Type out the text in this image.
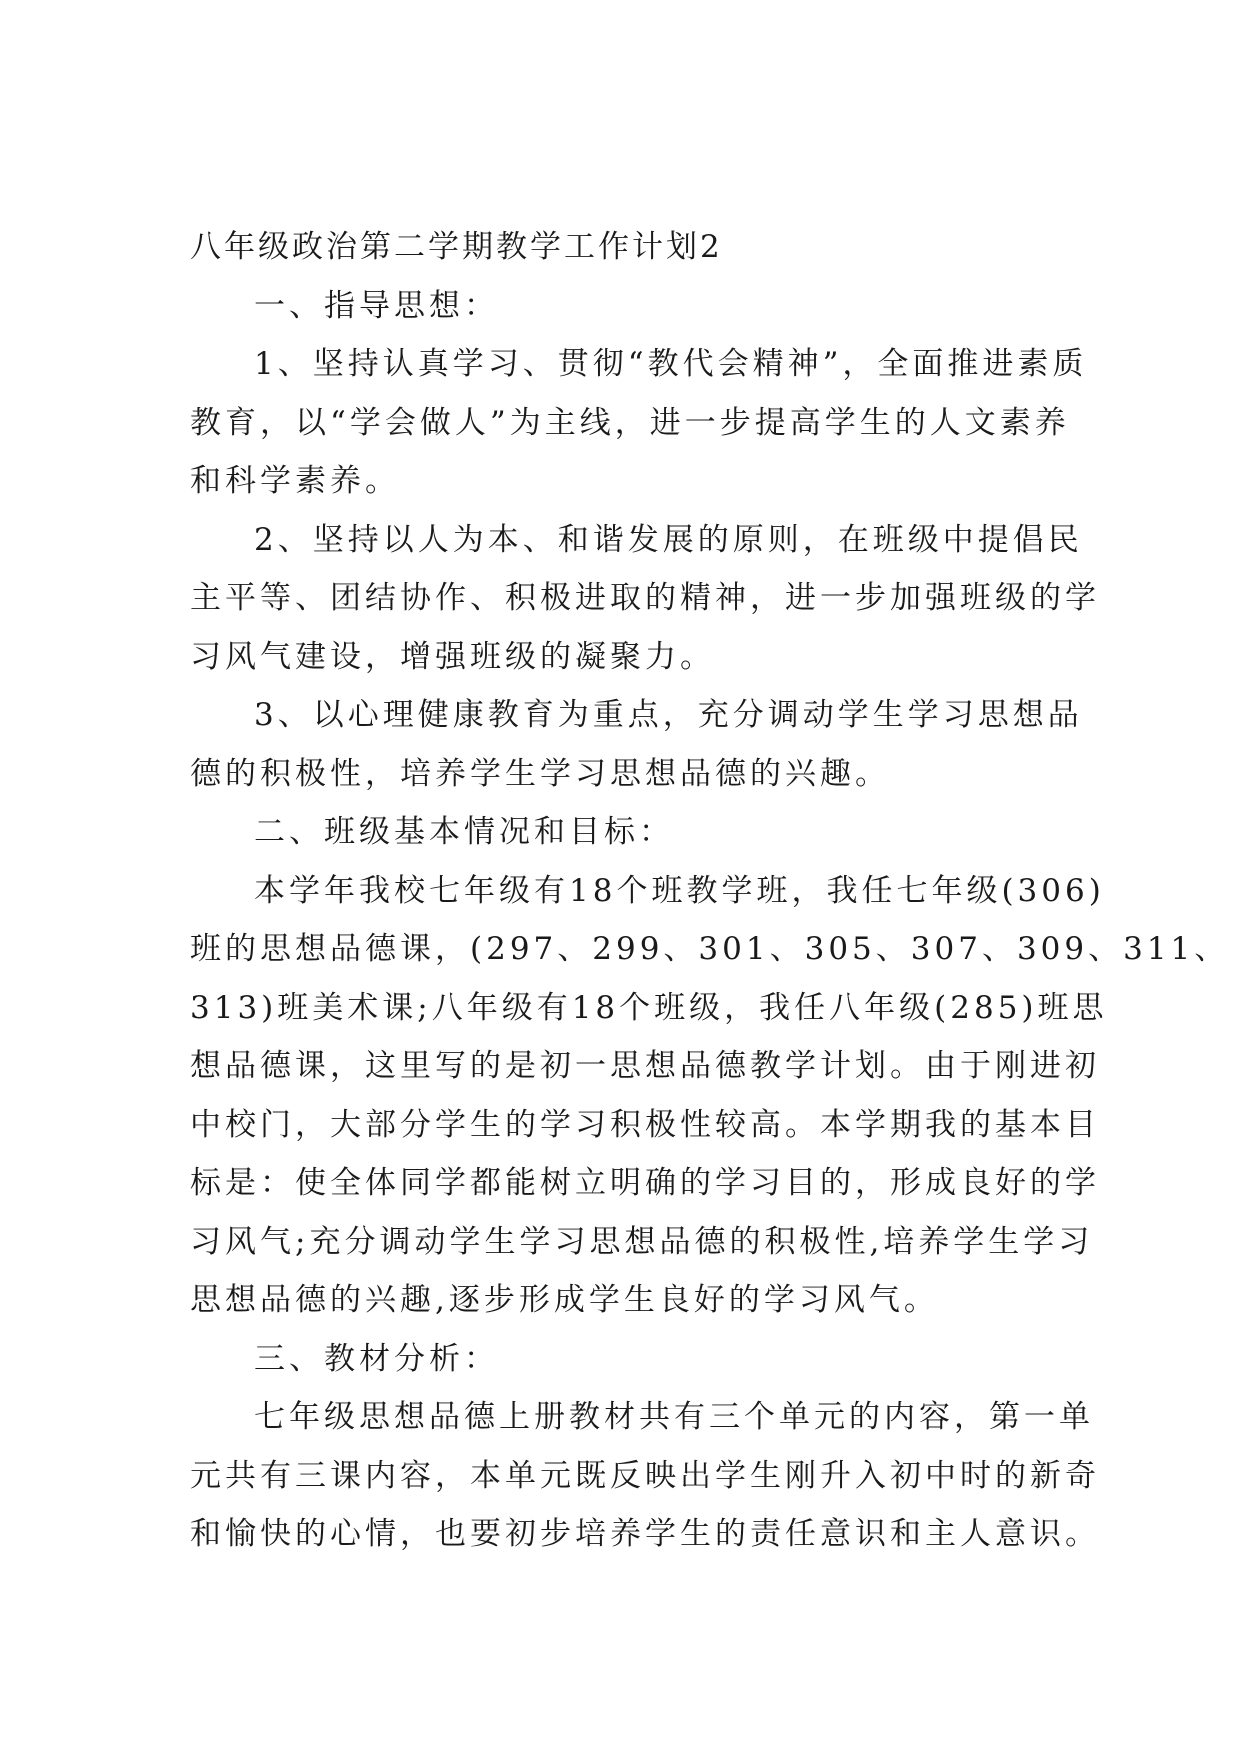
八年级政治第二学期教学工作计划2
一、指导思想：
1、坚持认真学习、贯彻“教代会精神”，全面推进素质
教育，以“学会做人”为主线，进一步提高学生的人文素养
和科学素养。
2、坚持以人为本、和谐发展的原则，在班级中提倡民
主平等、团结协作、积极进取的精神，进一步加强班级的学
习风气建设，增强班级的凝聚力。
3、以心理健康教育为重点，充分调动学生学习思想品
德的积极性，培养学生学习思想品德的兴趣。
二、班级基本情况和目标：
本学年我校七年级有18个班教学班，我任七年级(306)
班的思想品德课，(297、299、301、305、307、309、311、
313)班美术课;八年级有18个班级，我任八年级(285)班思
想品德课，这里写的是初一思想品德教学计划。由于刚进初
中校门，大部分学生的学习积极性较高。本学期我的基本目
标是：使全体同学都能树立明确的学习目的，形成良好的学
习风气;充分调动学生学习思想品德的积极性,培养学生学习
思想品德的兴趣,逐步形成学生良好的学习风气。
三、教材分析：
七年级思想品德上册教材共有三个单元的内容，第一单
元共有三课内容，本单元既反映出学生刚升入初中时的新奇
和愉快的心情，也要初步培养学生的责任意识和主人意识。
